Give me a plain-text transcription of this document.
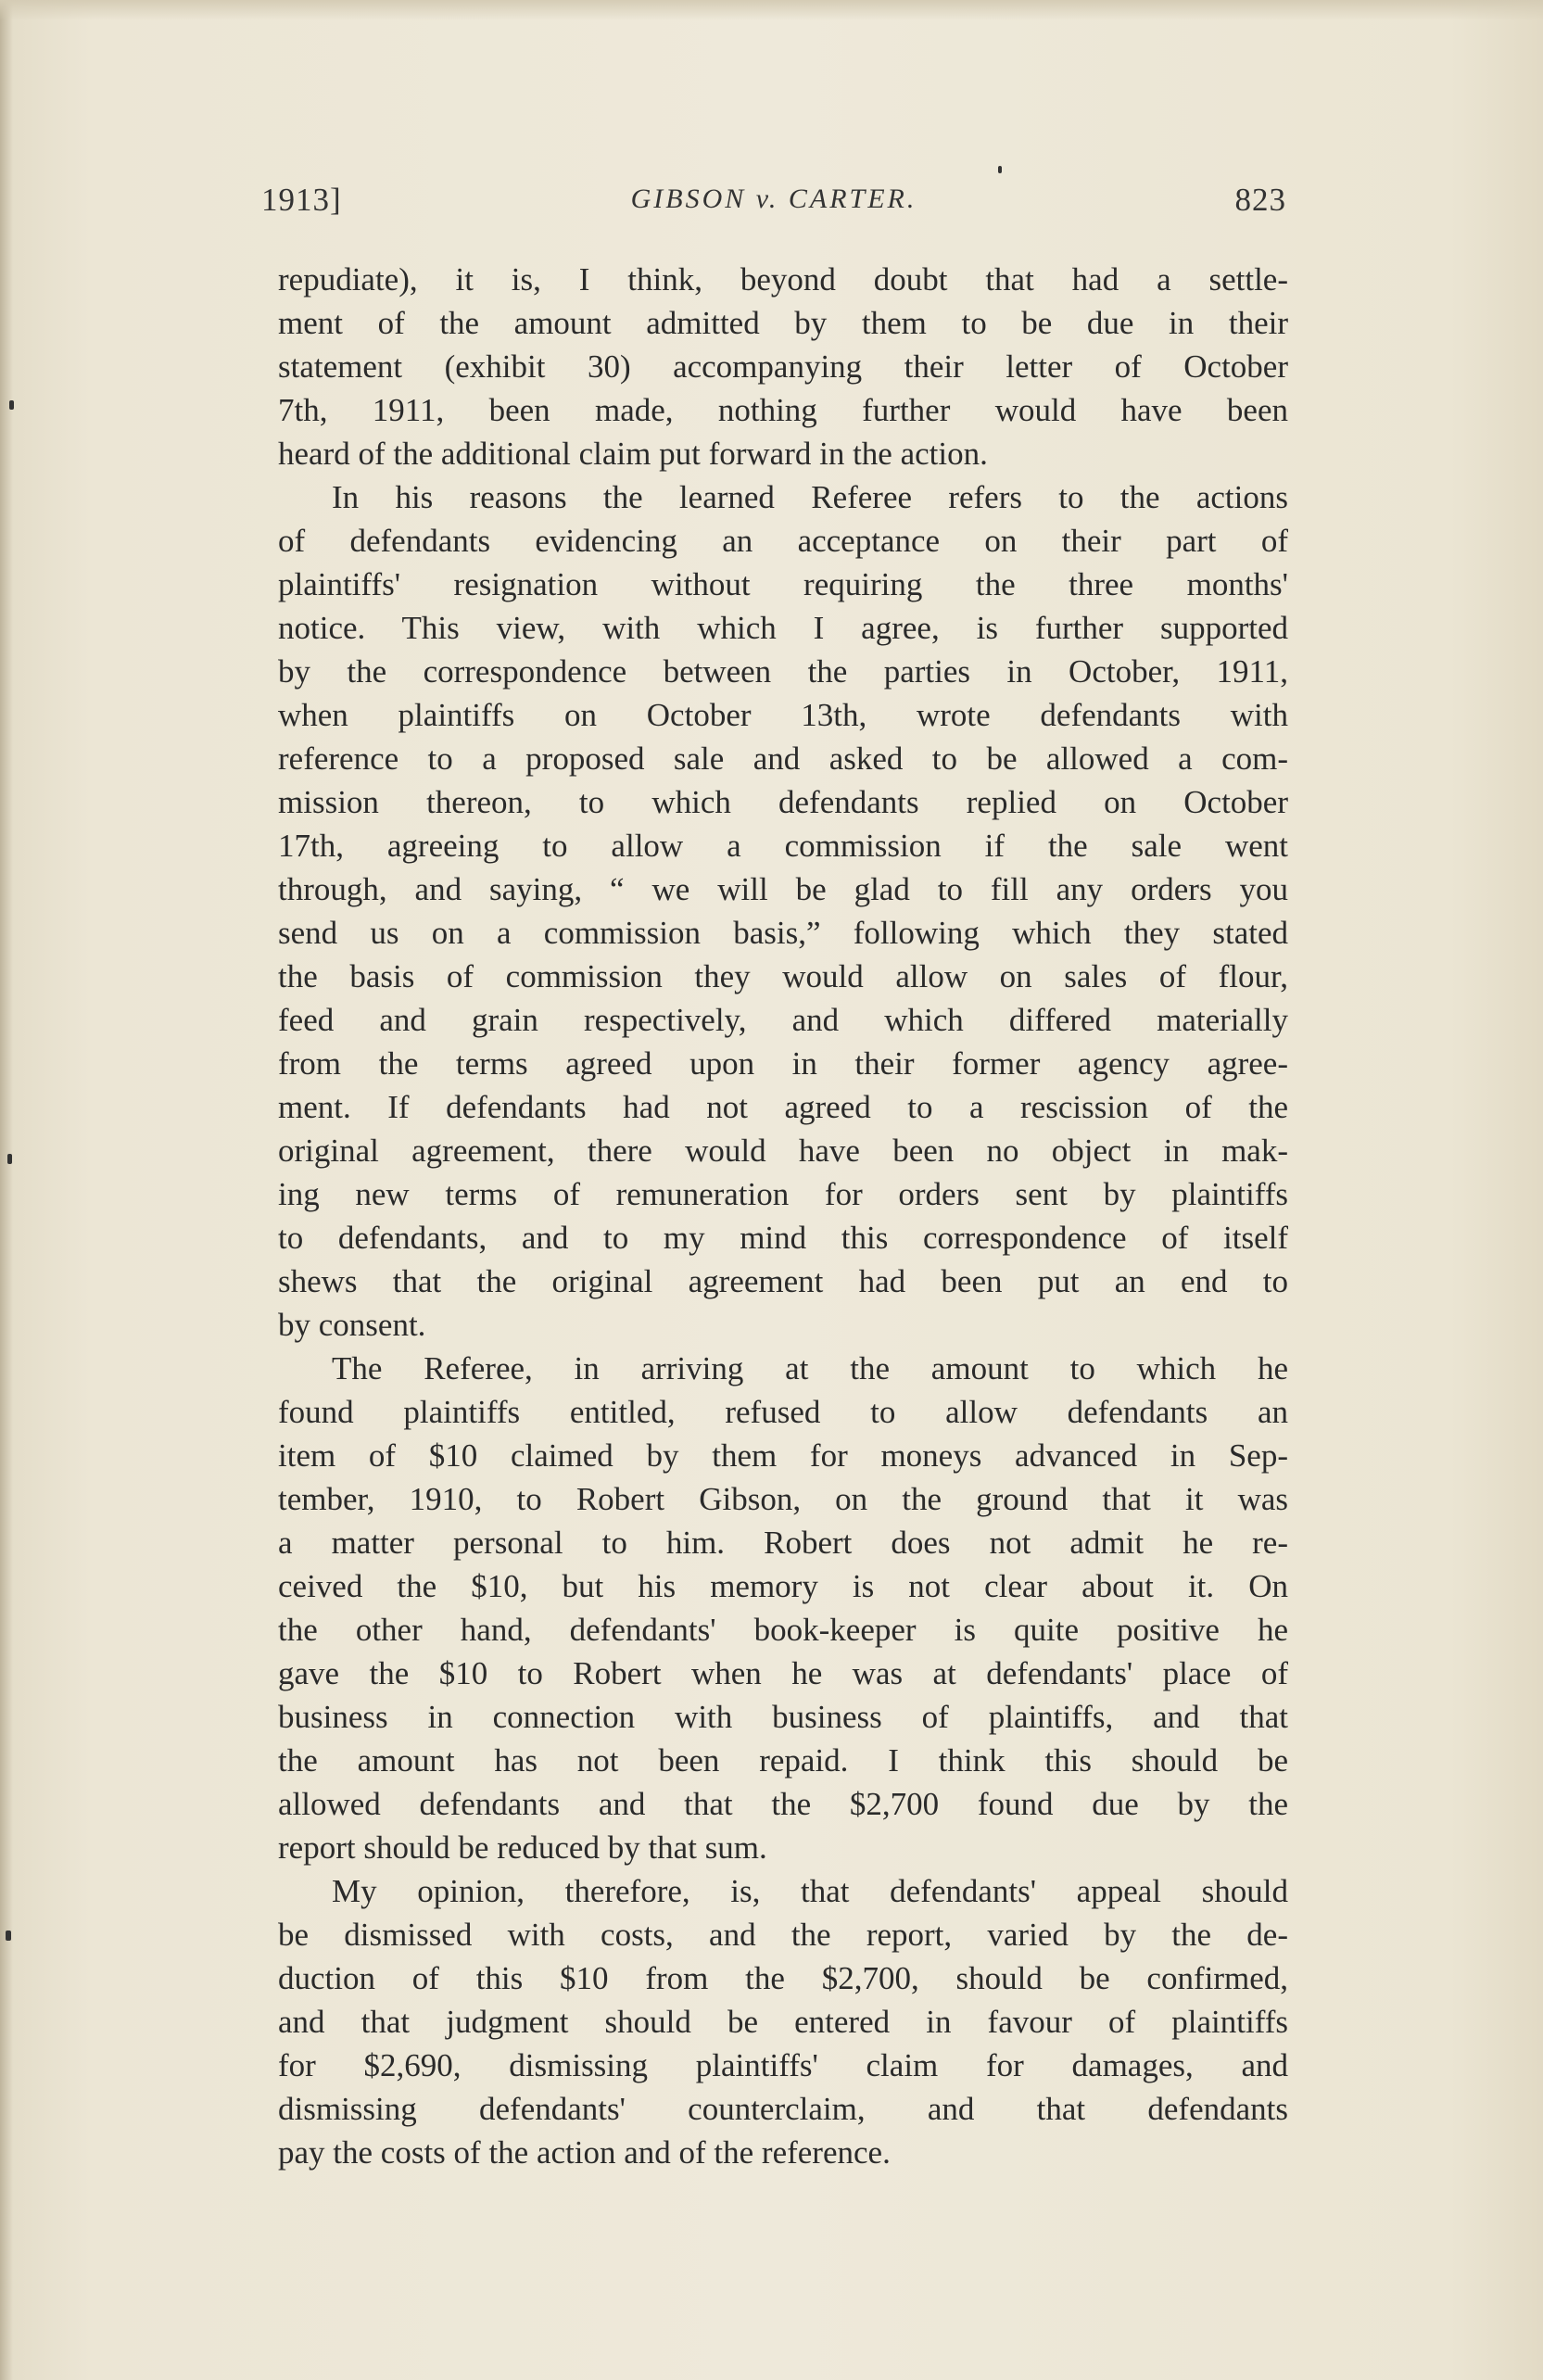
1913]	GIBSON v. CARTER.	823
repudiate), it is, I think, beyond doubt that had a settle-
ment of the amount admitted by them to be due in their
statement (exhibit 30) accompanying their letter of October
7th, 1911, been made, nothing further would have been
heard of the additional claim put forward in the action.
In his reasons the learned Referee refers to the actions
of defendants evidencing an acceptance on their part of
plaintiffs' resignation without requiring the three months'
notice. This view, with which I agree, is further supported
by the correspondence between the parties in October, 1911,
when plaintiffs on October 13th, wrote defendants with
reference to a proposed sale and asked to be allowed a com-
mission thereon, to which defendants replied on October
17th, agreeing to allow a commission if the sale went
through, and saying, “ we will be glad to fill any orders you
send us on a commission basis,” following which they stated
the basis of commission they would allow on sales of flour,
feed and grain respectively, and which differed materially
from the terms agreed upon in their former agency agree-
ment. If defendants had not agreed to a rescission of the
original agreement, there would have been no object in mak-
ing new terms of remuneration for orders sent by plaintiffs
to defendants, and to my mind this correspondence of itself
shews that the original agreement had been put an end to
by consent.
The Referee, in arriving at the amount to which he
found plaintiffs entitled, refused to allow defendants an
item of $10 claimed by them for moneys advanced in Sep-
tember, 1910, to Robert Gibson, on the ground that it was
a matter personal to him. Robert does not admit he re-
ceived the $10, but his memory is not clear about it. On
the other hand, defendants' book-keeper is quite positive he
gave the $10 to Robert when he was at defendants' place of
business in connection with business of plaintiffs, and that
the amount has not been repaid. I think this should be
allowed defendants and that the $2,700 found due by the
report should be reduced by that sum.
My opinion, therefore, is, that defendants' appeal should
be dismissed with costs, and the report, varied by the de-
duction of this $10 from the $2,700, should be confirmed,
and that judgment should be entered in favour of plaintiffs
for $2,690, dismissing plaintiffs' claim for damages, and
dismissing defendants' counterclaim, and that defendants
pay the costs of the action and of the reference.
